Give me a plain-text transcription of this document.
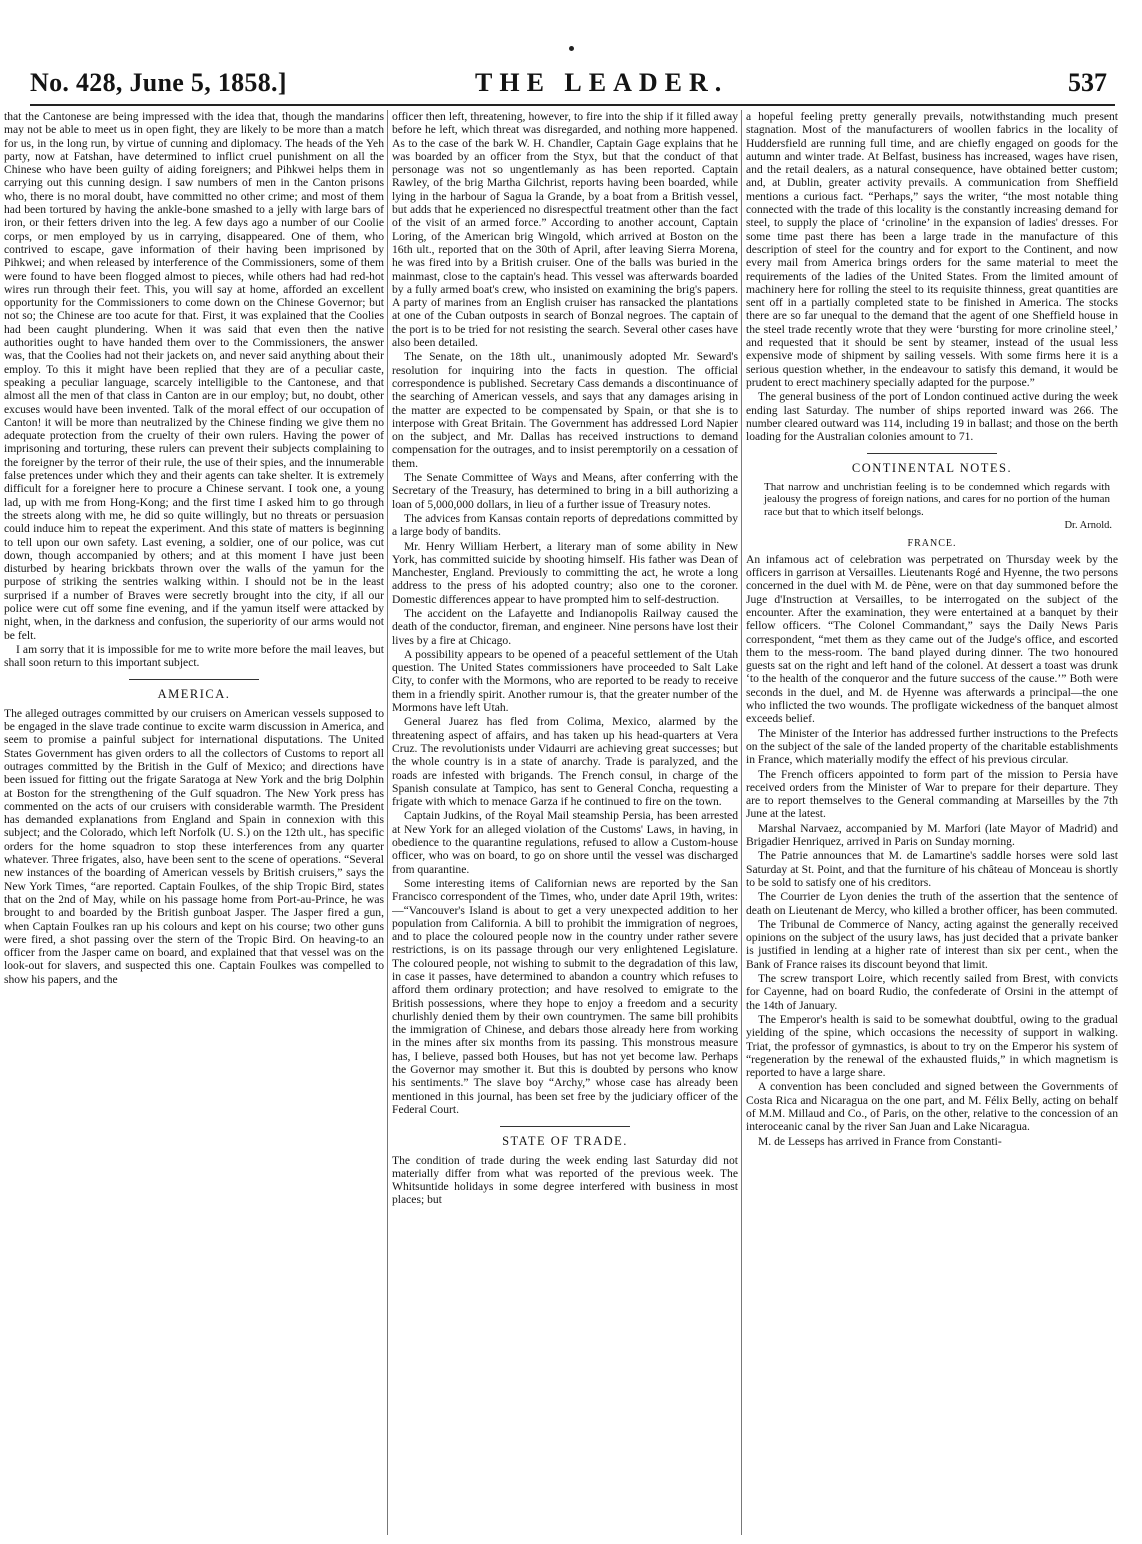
No. 428, June 5, 1858.]	THE LEADER.	537

that the Cantonese are being impressed with the idea that, though the mandarins may not be able to meet us in open fight, they are likely to be more than a match for us, in the long run, by virtue of cunning and diplomacy. The heads of the Yeh party, now at Fatshan, have determined to inflict cruel punishment on all the Chinese who have been guilty of aiding foreigners; and Pihkwei helps them in carrying out this cunning design. I saw numbers of men in the Canton prisons who, there is no moral doubt, have committed no other crime; and most of them had been tortured by having the ankle-bone smashed to a jelly with large bars of iron, or their fetters driven into the leg. A few days ago a number of our Coolie corps, or men employed by us in carrying, disappeared. One of them, who contrived to escape, gave information of their having been imprisoned by Pihkwei; and when released by interference of the Commissioners, some of them were found to have been flogged almost to pieces, while others had had red-hot wires run through their feet. This, you will say at home, afforded an excellent opportunity for the Commissioners to come down on the Chinese Governor; but not so; the Chinese are too acute for that. First, it was explained that the Coolies had been caught plundering. When it was said that even then the native authorities ought to have handed them over to the Commissioners, the answer was, that the Coolies had not their jackets on, and never said anything about their employ. To this it might have been replied that they are of a peculiar caste, speaking a peculiar language, scarcely intelligible to the Cantonese, and that almost all the men of that class in Canton are in our employ; but, no doubt, other excuses would have been invented. Talk of the moral effect of our occupation of Canton! it will be more than neutralized by the Chinese finding we give them no adequate protection from the cruelty of their own rulers. Having the power of imprisoning and torturing, these rulers can prevent their subjects complaining to the foreigner by the terror of their rule, the use of their spies, and the innumerable false pretences under which they and their agents can take shelter. It is extremely difficult for a foreigner here to procure a Chinese servant. I took one, a young lad, up with me from Hong-Kong; and the first time I asked him to go through the streets along with me, he did so quite willingly, but no threats or persuasion could induce him to repeat the experiment. And this state of matters is beginning to tell upon our own safety. Last evening, a soldier, one of our police, was cut down, though accompanied by others; and at this moment I have just been disturbed by hearing brickbats thrown over the walls of the yamun for the purpose of striking the sentries walking within. I should not be in the least surprised if a number of Braves were secretly brought into the city, if all our police were cut off some fine evening, and if the yamun itself were attacked by night, when, in the darkness and confusion, the superiority of our arms would not be felt.

I am sorry that it is impossible for me to write more before the mail leaves, but shall soon return to this important subject.

AMERICA.

The alleged outrages committed by our cruisers on American vessels supposed to be engaged in the slave trade continue to excite warm discussion in America, and seem to promise a painful subject for international disputations. The United States Government has given orders to all the collectors of Customs to report all outrages committed by the British in the Gulf of Mexico; and directions have been issued for fitting out the frigate Saratoga at New York and the brig Dolphin at Boston for the strengthening of the Gulf squadron. The New York press has commented on the acts of our cruisers with considerable warmth. The President has demanded explanations from England and Spain in connexion with this subject; and the Colorado, which left Norfolk (U. S.) on the 12th ult., has specific orders for the home squadron to stop these interferences from any quarter whatever. Three frigates, also, have been sent to the scene of operations. “Several new instances of the boarding of American vessels by British cruisers,” says the New York Times, “are reported. Captain Foulkes, of the ship Tropic Bird, states that on the 2nd of May, while on his passage home from Port-au-Prince, he was brought to and boarded by the British gunboat Jasper. The Jasper fired a gun, when Captain Foulkes ran up his colours and kept on his course; two other guns were fired, a shot passing over the stern of the Tropic Bird. On heaving-to an officer from the Jasper came on board, and explained that that vessel was on the look-out for slavers, and suspected this one. Captain Foulkes was compelled to show his papers, and the

officer then left, threatening, however, to fire into the ship if it filled away before he left, which threat was disregarded, and nothing more happened. As to the case of the bark W. H. Chandler, Captain Gage explains that he was boarded by an officer from the Styx, but that the conduct of that personage was not so ungentlemanly as has been reported. Captain Rawley, of the brig Martha Gilchrist, reports having been boarded, while lying in the harbour of Sagua la Grande, by a boat from a British vessel, but adds that he experienced no disrespectful treatment other than the fact of the visit of an armed force.” According to another account, Captain Loring, of the American brig Wingold, which arrived at Boston on the 16th ult., reported that on the 30th of April, after leaving Sierra Morena, he was fired into by a British cruiser. One of the balls was buried in the mainmast, close to the captain's head. This vessel was afterwards boarded by a fully armed boat's crew, who insisted on examining the brig's papers. A party of marines from an English cruiser has ransacked the plantations at one of the Cuban outposts in search of Bonzal negroes. The captain of the port is to be tried for not resisting the search. Several other cases have also been detailed.

The Senate, on the 18th ult., unanimously adopted Mr. Seward's resolution for inquiring into the facts in question. The official correspondence is published. Secretary Cass demands a discontinuance of the searching of American vessels, and says that any damages arising in the matter are expected to be compensated by Spain, or that she is to interpose with Great Britain. The Government has addressed Lord Napier on the subject, and Mr. Dallas has received instructions to demand compensation for the outrages, and to insist peremptorily on a cessation of them.

The Senate Committee of Ways and Means, after conferring with the Secretary of the Treasury, has determined to bring in a bill authorizing a loan of 5,000,000 dollars, in lieu of a further issue of Treasury notes.

The advices from Kansas contain reports of depredations committed by a large body of bandits.

Mr. Henry William Herbert, a literary man of some ability in New York, has committed suicide by shooting himself. His father was Dean of Manchester, England. Previously to committing the act, he wrote a long address to the press of his adopted country; also one to the coroner. Domestic differences appear to have prompted him to self-destruction.

The accident on the Lafayette and Indianopolis Railway caused the death of the conductor, fireman, and engineer. Nine persons have lost their lives by a fire at Chicago.

A possibility appears to be opened of a peaceful settlement of the Utah question. The United States commissioners have proceeded to Salt Lake City, to confer with the Mormons, who are reported to be ready to receive them in a friendly spirit. Another rumour is, that the greater number of the Mormons have left Utah.

General Juarez has fled from Colima, Mexico, alarmed by the threatening aspect of affairs, and has taken up his head-quarters at Vera Cruz. The revolutionists under Vidaurri are achieving great successes; but the whole country is in a state of anarchy. Trade is paralyzed, and the roads are infested with brigands. The French consul, in charge of the Spanish consulate at Tampico, has sent to General Concha, requesting a frigate with which to menace Garza if he continued to fire on the town.

Captain Judkins, of the Royal Mail steamship Persia, has been arrested at New York for an alleged violation of the Customs' Laws, in having, in obedience to the quarantine regulations, refused to allow a Custom-house officer, who was on board, to go on shore until the vessel was discharged from quarantine.

Some interesting items of Californian news are reported by the San Francisco correspondent of the Times, who, under date April 19th, writes:—“Vancouver's Island is about to get a very unexpected addition to her population from California. A bill to prohibit the immigration of negroes, and to place the coloured people now in the country under rather severe restrictions, is on its passage through our very enlightened Legislature. The coloured people, not wishing to submit to the degradation of this law, in case it passes, have determined to abandon a country which refuses to afford them ordinary protection; and have resolved to emigrate to the British possessions, where they hope to enjoy a freedom and a security churlishly denied them by their own countrymen. The same bill prohibits the immigration of Chinese, and debars those already here from working in the mines after six months from its passing. This monstrous measure has, I believe, passed both Houses, but has not yet become law. Perhaps the Governor may smother it. But this is doubted by persons who know his sentiments.” The slave boy “Archy,” whose case has already been mentioned in this journal, has been set free by the judiciary officer of the Federal Court.

STATE OF TRADE.

The condition of trade during the week ending last Saturday did not materially differ from what was reported of the previous week. The Whitsuntide holidays in some degree interfered with business in most places; but

a hopeful feeling pretty generally prevails, notwithstanding much present stagnation. Most of the manufacturers of woollen fabrics in the locality of Huddersfield are running full time, and are chiefly engaged on goods for the autumn and winter trade. At Belfast, business has increased, wages have risen, and the retail dealers, as a natural consequence, have obtained better custom; and, at Dublin, greater activity prevails. A communication from Sheffield mentions a curious fact. “Perhaps,” says the writer, “the most notable thing connected with the trade of this locality is the constantly increasing demand for steel, to supply the place of ‘crinoline’ in the expansion of ladies' dresses. For some time past there has been a large trade in the manufacture of this description of steel for the country and for export to the Continent, and now every mail from America brings orders for the same material to meet the requirements of the ladies of the United States. From the limited amount of machinery here for rolling the steel to its requisite thinness, great quantities are sent off in a partially completed state to be finished in America. The stocks there are so far unequal to the demand that the agent of one Sheffield house in the steel trade recently wrote that they were ‘bursting for more crinoline steel,’ and requested that it should be sent by steamer, instead of the usual less expensive mode of shipment by sailing vessels. With some firms here it is a serious question whether, in the endeavour to satisfy this demand, it would be prudent to erect machinery specially adapted for the purpose.”

The general business of the port of London continued active during the week ending last Saturday. The number of ships reported inward was 266. The number cleared outward was 114, including 19 in ballast; and those on the berth loading for the Australian colonies amount to 71.

CONTINENTAL NOTES.
That narrow and unchristian feeling is to be condemned which regards with jealousy the progress of foreign nations, and cares for no portion of the human race but that to which itself belongs.
Dr. Arnold.
FRANCE.

An infamous act of celebration was perpetrated on Thursday week by the officers in garrison at Versailles. Lieutenants Rogé and Hyenne, the two persons concerned in the duel with M. de Pène, were on that day summoned before the Juge d'Instruction at Versailles, to be interrogated on the subject of the encounter. After the examination, they were entertained at a banquet by their fellow officers. “The Colonel Commandant,” says the Daily News Paris correspondent, “met them as they came out of the Judge's office, and escorted them to the mess-room. The band played during dinner. The two honoured guests sat on the right and left hand of the colonel. At dessert a toast was drunk ‘to the health of the conqueror and the future success of the cause.’” Both were seconds in the duel, and M. de Hyenne was afterwards a principal—the one who inflicted the two wounds. The profligate wickedness of the banquet almost exceeds belief.

The Minister of the Interior has addressed further instructions to the Prefects on the subject of the sale of the landed property of the charitable establishments in France, which materially modify the effect of his previous circular.

The French officers appointed to form part of the mission to Persia have received orders from the Minister of War to prepare for their departure. They are to report themselves to the General commanding at Marseilles by the 7th June at the latest.

Marshal Narvaez, accompanied by M. Marfori (late Mayor of Madrid) and Brigadier Henriquez, arrived in Paris on Sunday morning.

The Patrie announces that M. de Lamartine's saddle horses were sold last Saturday at St. Point, and that the furniture of his château of Monceau is shortly to be sold to satisfy one of his creditors.

The Courrier de Lyon denies the truth of the assertion that the sentence of death on Lieutenant de Mercy, who killed a brother officer, has been commuted.

The Tribunal de Commerce of Nancy, acting against the generally received opinions on the subject of the usury laws, has just decided that a private banker is justified in lending at a higher rate of interest than six per cent., when the Bank of France raises its discount beyond that limit.

The screw transport Loire, which recently sailed from Brest, with convicts for Cayenne, had on board Rudio, the confederate of Orsini in the attempt of the 14th of January.

The Emperor's health is said to be somewhat doubtful, owing to the gradual yielding of the spine, which occasions the necessity of support in walking. Triat, the professor of gymnastics, is about to try on the Emperor his system of “regeneration by the renewal of the exhausted fluids,” in which magnetism is reported to have a large share.

A convention has been concluded and signed between the Governments of Costa Rica and Nicaragua on the one part, and M. Félix Belly, acting on behalf of M.M. Millaud and Co., of Paris, on the other, relative to the concession of an interoceanic canal by the river San Juan and Lake Nicaragua.

M. de Lesseps has arrived in France from Constanti-
